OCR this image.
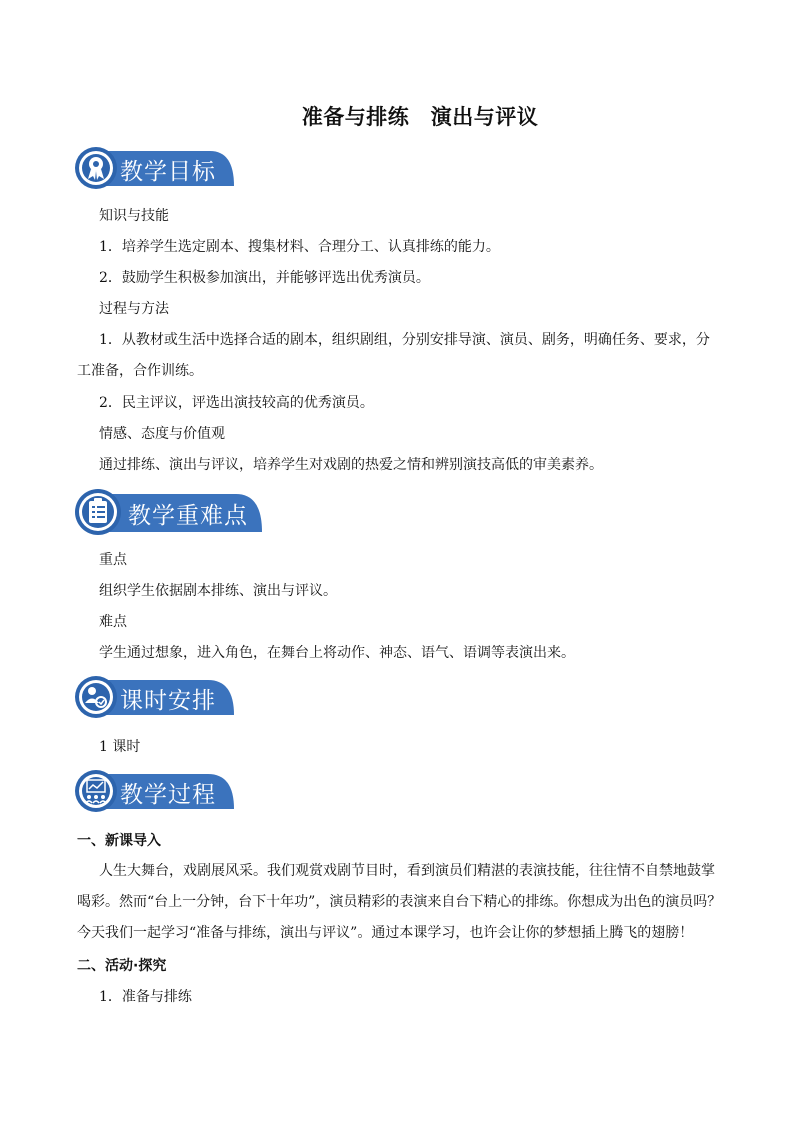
准备与排练　演出与评议
教学目标
知识与技能
1．培养学生选定剧本、搜集材料、合理分工、认真排练的能力。
2．鼓励学生积极参加演出，并能够评选出优秀演员。
过程与方法
1．从教材或生活中选择合适的剧本，组织剧组，分别安排导演、演员、剧务，明确任务、要求，分工准备，合作训练。
2．民主评议，评选出演技较高的优秀演员。
情感、态度与价值观
通过排练、演出与评议，培养学生对戏剧的热爱之情和辨别演技高低的审美素养。
教学重难点
重点
组织学生依据剧本排练、演出与评议。
难点
学生通过想象，进入角色，在舞台上将动作、神态、语气、语调等表演出来。
课时安排
1 课时
教学过程
一、新课导入
人生大舞台，戏剧展风采。我们观赏戏剧节目时，看到演员们精湛的表演技能，往往情不自禁地鼓掌喝彩。然而“台上一分钟，台下十年功”，演员精彩的表演来自台下精心的排练。你想成为出色的演员吗？今天我们一起学习“准备与排练，演出与评议”。通过本课学习，也许会让你的梦想插上腾飞的翅膀！
二、活动·探究
1．准备与排练
